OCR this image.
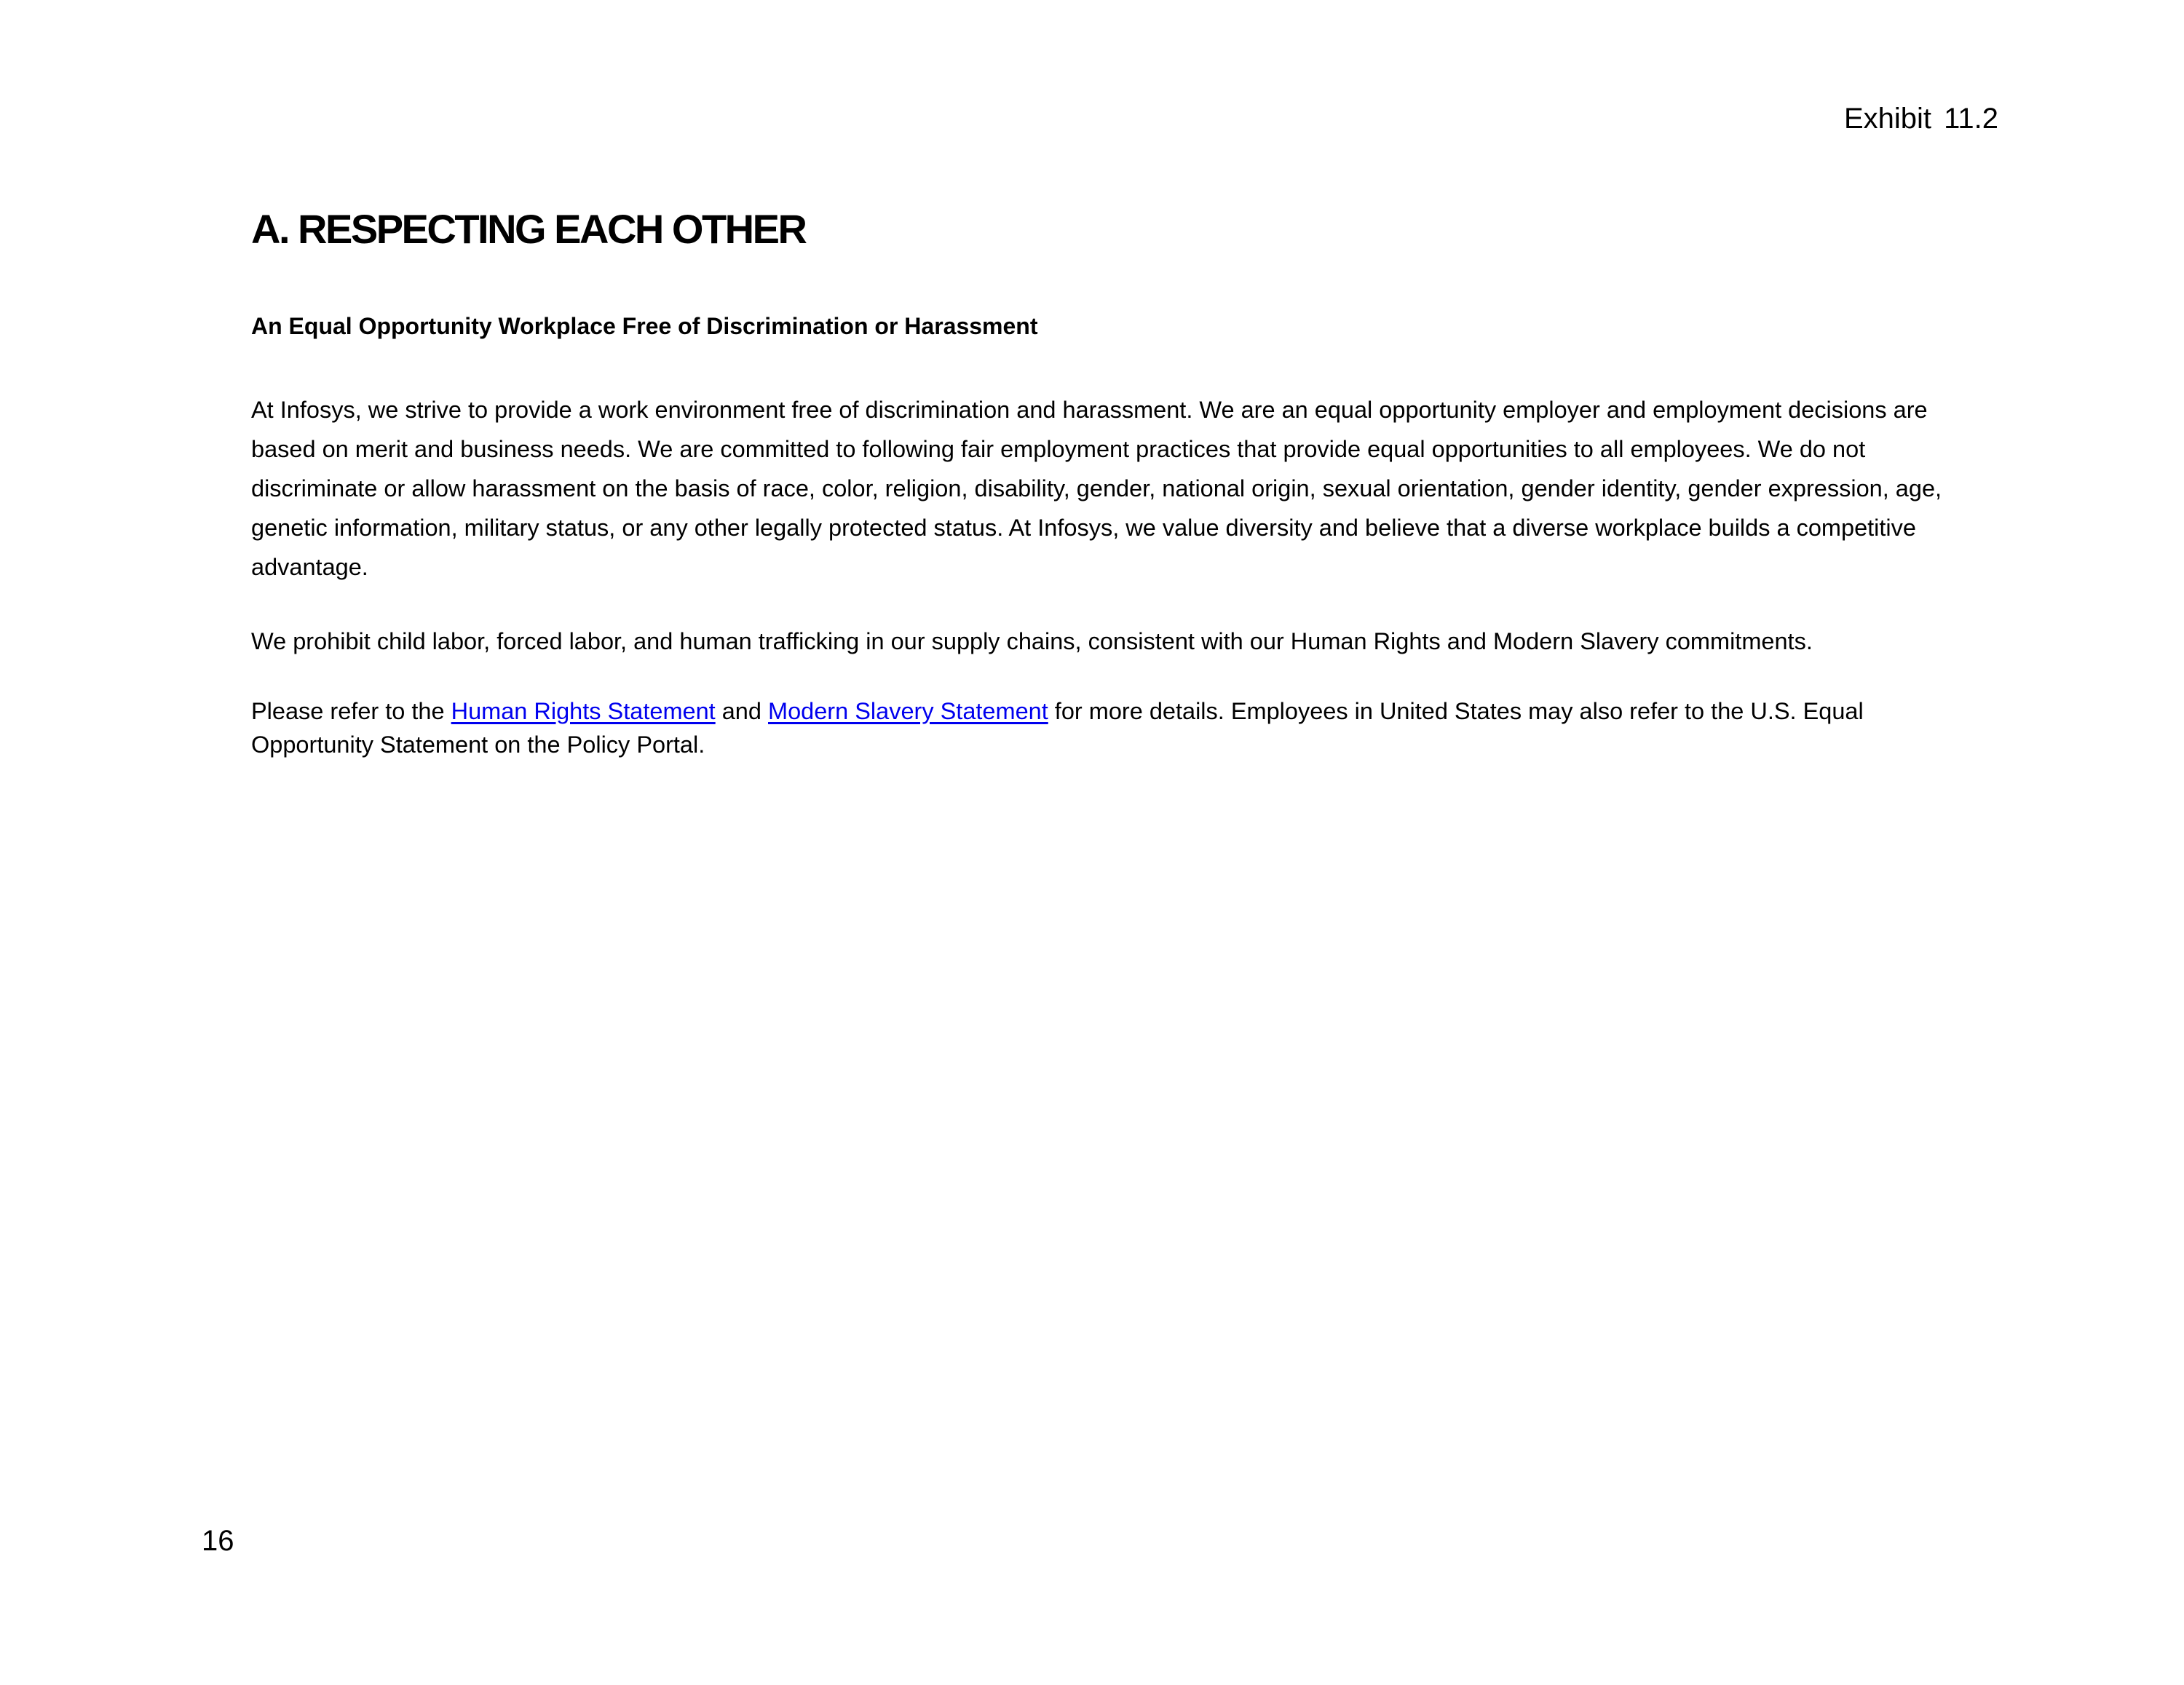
Exhibit 11.2
A. RESPECTING EACH OTHER
An Equal Opportunity Workplace Free of Discrimination or Harassment

At Infosys, we strive to provide a work environment free of discrimination and harassment. We are an equal opportunity employer and employment decisions are based on merit and business needs. We are committed to following fair employment practices that provide equal opportunities to all employees. We do not discriminate or allow harassment on the basis of race, color, religion, disability, gender, national origin, sexual orientation, gender identity, gender expression, age, genetic information, military status, or any other legally protected status. At Infosys, we value diversity and believe that a diverse workplace builds a competitive advantage.

We prohibit child labor, forced labor, and human trafficking in our supply chains, consistent with our Human Rights and Modern Slavery commitments.

Please refer to the Human Rights Statement and Modern Slavery Statement for more details. Employees in United States may also refer to the U.S. Equal Opportunity Statement on the Policy Portal.

16
